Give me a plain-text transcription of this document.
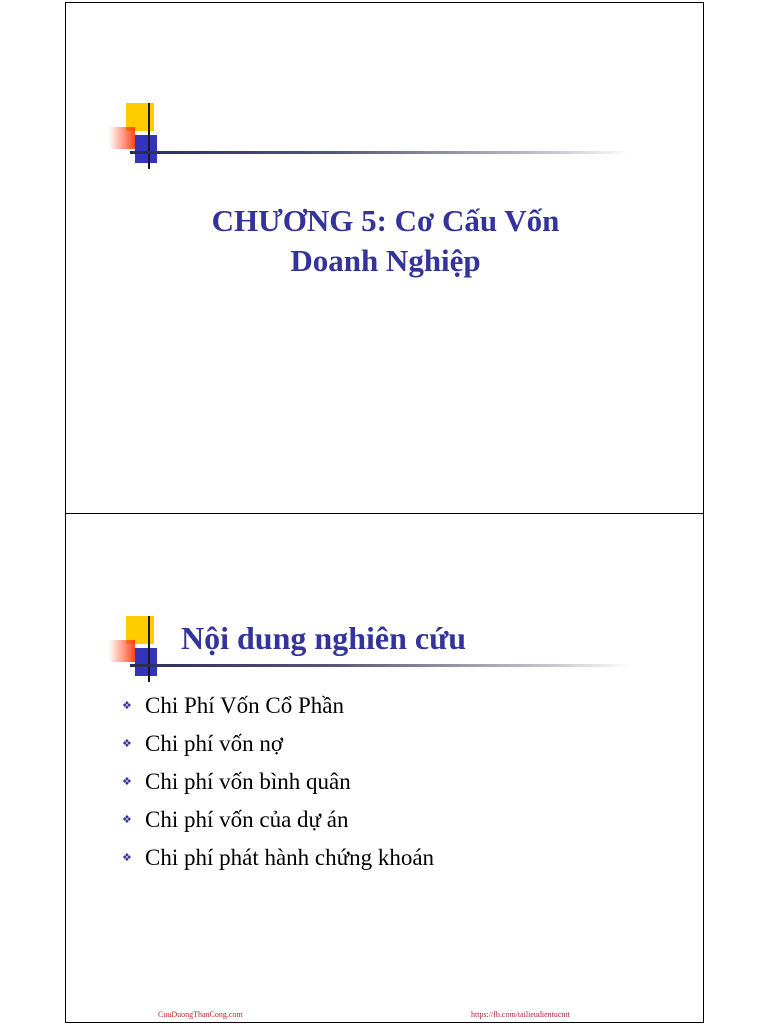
CHƯƠNG 5: Cơ Cấu Vốn
Doanh Nghiệp
Nội dung nghiên cứu
❖ Chi Phí Vốn Cổ Phần
❖ Chi phí vốn nợ
❖ Chi phí vốn bình quân
❖ Chi phí vốn của dự án
❖ Chi phí phát hành chứng khoán
CuuDuongThanCong.com	https://fb.com/tailieudientucntt
